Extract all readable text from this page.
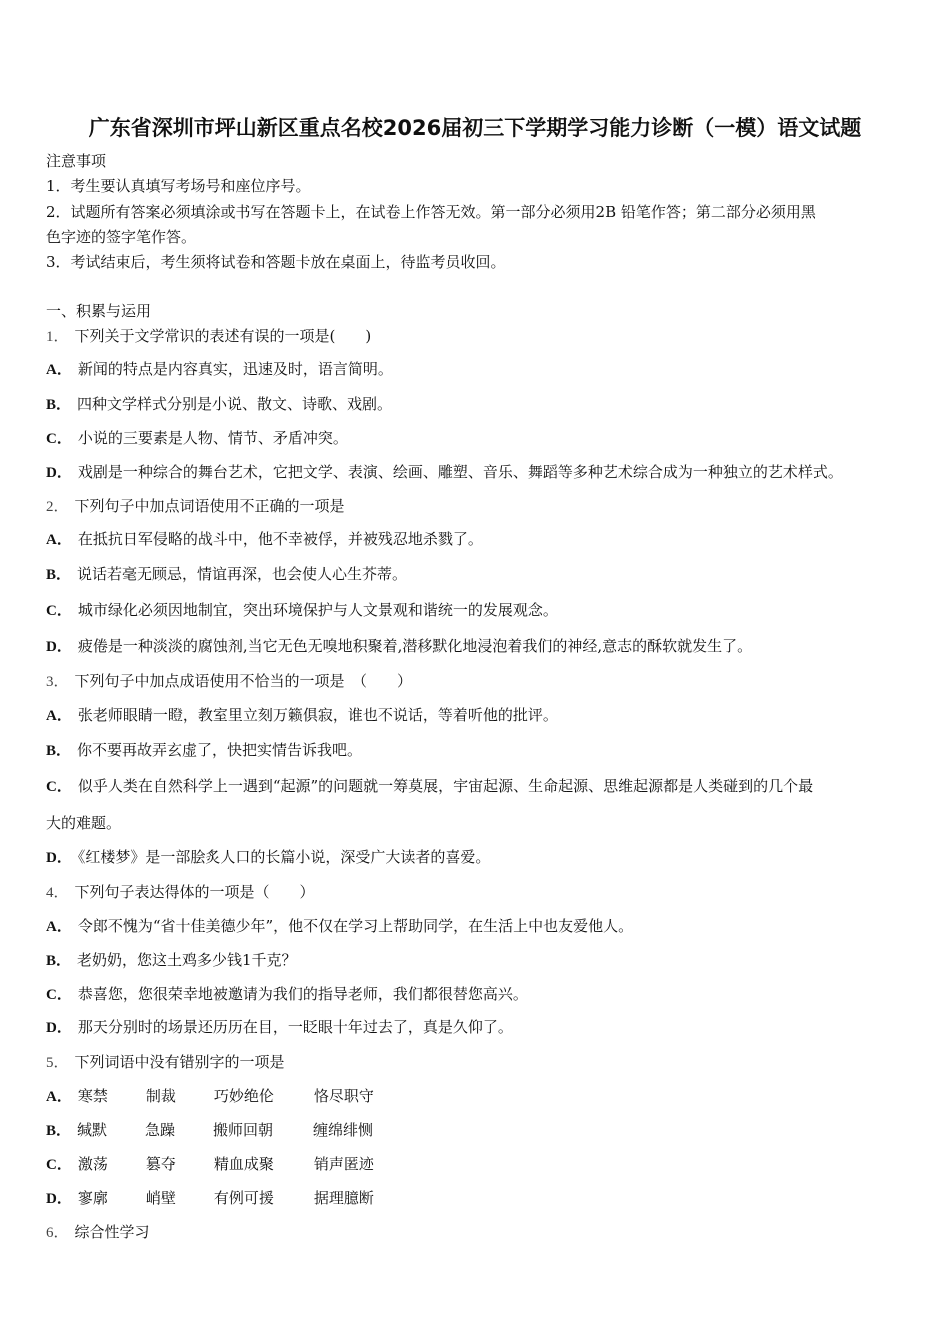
广东省深圳市坪山新区重点名校2026届初三下学期学习能力诊断（一模）语文试题
注意事项
1．考生要认真填写考场号和座位序号。
2．试题所有答案必须填涂或书写在答题卡上，在试卷上作答无效。第一部分必须用2B 铅笔作答；第二部分必须用黑
色字迹的签字笔作答。
3．考试结束后，考生须将试卷和答题卡放在桌面上，待监考员收回。
一、积累与运用
1． 下列关于文学常识的表述有误的一项是(　　)
A． 新闻的特点是内容真实，迅速及时，语言简明。
B． 四种文学样式分别是小说、散文、诗歌、戏剧。
C． 小说的三要素是人物、情节、矛盾冲突。
D． 戏剧是一种综合的舞台艺术，它把文学、表演、绘画、雕塑、音乐、舞蹈等多种艺术综合成为一种独立的艺术样式。
2． 下列句子中加点词语使用不正确的一项是
A． 在抵抗日军侵略的战斗中，他不幸被俘，并被残忍地杀戮了。
B． 说话若毫无顾忌，情谊再深，也会使人心生芥蒂。
C． 城市绿化必须因地制宜，突出环境保护与人文景观和谐统一的发展观念。
D． 疲倦是一种淡淡的腐蚀剂,当它无色无嗅地积聚着,潜移默化地浸泡着我们的神经,意志的酥软就发生了。
3． 下列句子中加点成语使用不恰当的一项是　（　　）
A． 张老师眼睛一瞪，教室里立刻万籁俱寂，谁也不说话，等着听他的批评。
B． 你不要再故弄玄虚了，快把实情告诉我吧。
C． 似乎人类在自然科学上一遇到“起源”的问题就一筹莫展，宇宙起源、生命起源、思维起源都是人类碰到的几个最
大的难题。
D． 《红楼梦》是一部脍炙人口的长篇小说，深受广大读者的喜爱。
4． 下列句子表达得体的一项是（　　）
A． 令郎不愧为“省十佳美德少年”，他不仅在学习上帮助同学，在生活上中也友爱他人。
B． 老奶奶，您这土鸡多少钱1千克？
C． 恭喜您，您很荣幸地被邀请为我们的指导老师，我们都很替您高兴。
D． 那天分别时的场景还历历在目，一眨眼十年过去了，真是久仰了。
5． 下列词语中没有错别字的一项是
A． 寒禁	制裁	巧妙绝伦	恪尽职守
B． 缄默	急躁	搬师回朝	缠绵绯恻
C． 激荡	篡夺	精血成聚	销声匿迹
D． 寥廓	峭壁	有例可援	据理臆断
6． 综合性学习
